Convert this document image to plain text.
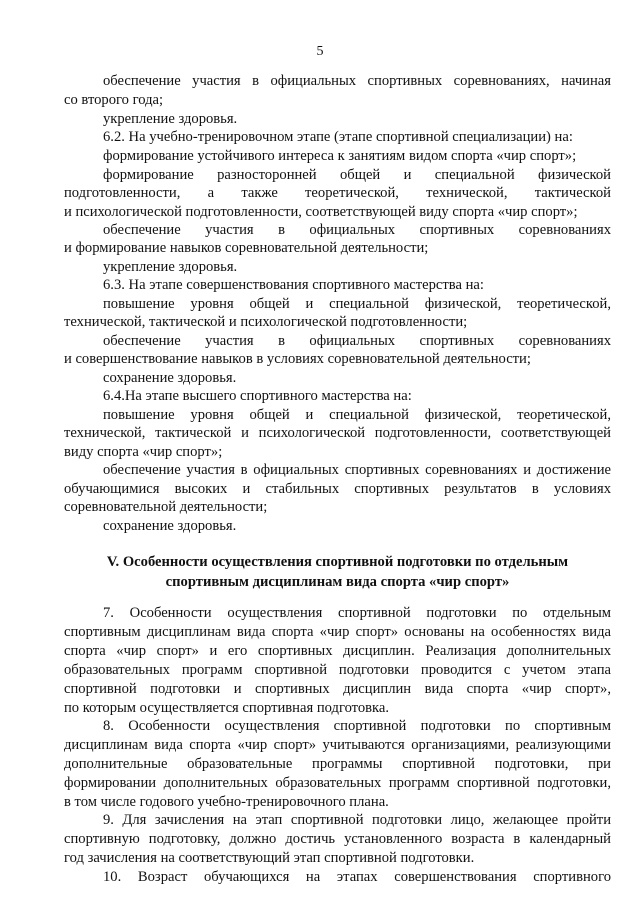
5
обеспечение участия в официальных спортивных соревнованиях, начиная
со второго года;
укрепление здоровья.
6.2. На учебно-тренировочном этапе (этапе спортивной специализации) на:
формирование устойчивого интереса к занятиям видом спорта «чир спорт»;
формирование разносторонней общей и специальной физической
подготовленности, а также теоретической, технической, тактической
и психологической подготовленности, соответствующей виду спорта «чир спорт»;
обеспечение участия в официальных спортивных соревнованиях
и формирование навыков соревновательной деятельности;
укрепление здоровья.
6.3. На этапе совершенствования спортивного мастерства на:
повышение уровня общей и специальной физической, теоретической,
технической, тактической и психологической подготовленности;
обеспечение участия в официальных спортивных соревнованиях
и совершенствование навыков в условиях соревновательной деятельности;
сохранение здоровья.
6.4.На этапе высшего спортивного мастерства на:
повышение уровня общей и специальной физической, теоретической,
технической, тактической и психологической подготовленности, соответствующей
виду спорта «чир спорт»;
обеспечение участия в официальных спортивных соревнованиях и достижение
обучающимися высоких и стабильных спортивных результатов в условиях
соревновательной деятельности;
сохранение здоровья.
V. Особенности осуществления спортивной подготовки по отдельным
спортивным дисциплинам вида спорта «чир спорт»
7. Особенности осуществления спортивной подготовки по отдельным
спортивным дисциплинам вида спорта «чир спорт» основаны на особенностях вида
спорта «чир спорт» и его спортивных дисциплин. Реализация дополнительных
образовательных программ спортивной подготовки проводится с учетом этапа
спортивной подготовки и спортивных дисциплин вида спорта «чир спорт»,
по которым осуществляется спортивная подготовка.
8. Особенности осуществления спортивной подготовки по спортивным
дисциплинам вида спорта «чир спорт» учитываются организациями, реализующими
дополнительные образовательные программы спортивной подготовки, при
формировании дополнительных образовательных программ спортивной подготовки,
в том числе годового учебно-тренировочного плана.
9. Для зачисления на этап спортивной подготовки лицо, желающее пройти
спортивную подготовку, должно достичь установленного возраста в календарный
год зачисления на соответствующий этап спортивной подготовки.
10. Возраст обучающихся на этапах совершенствования спортивного
